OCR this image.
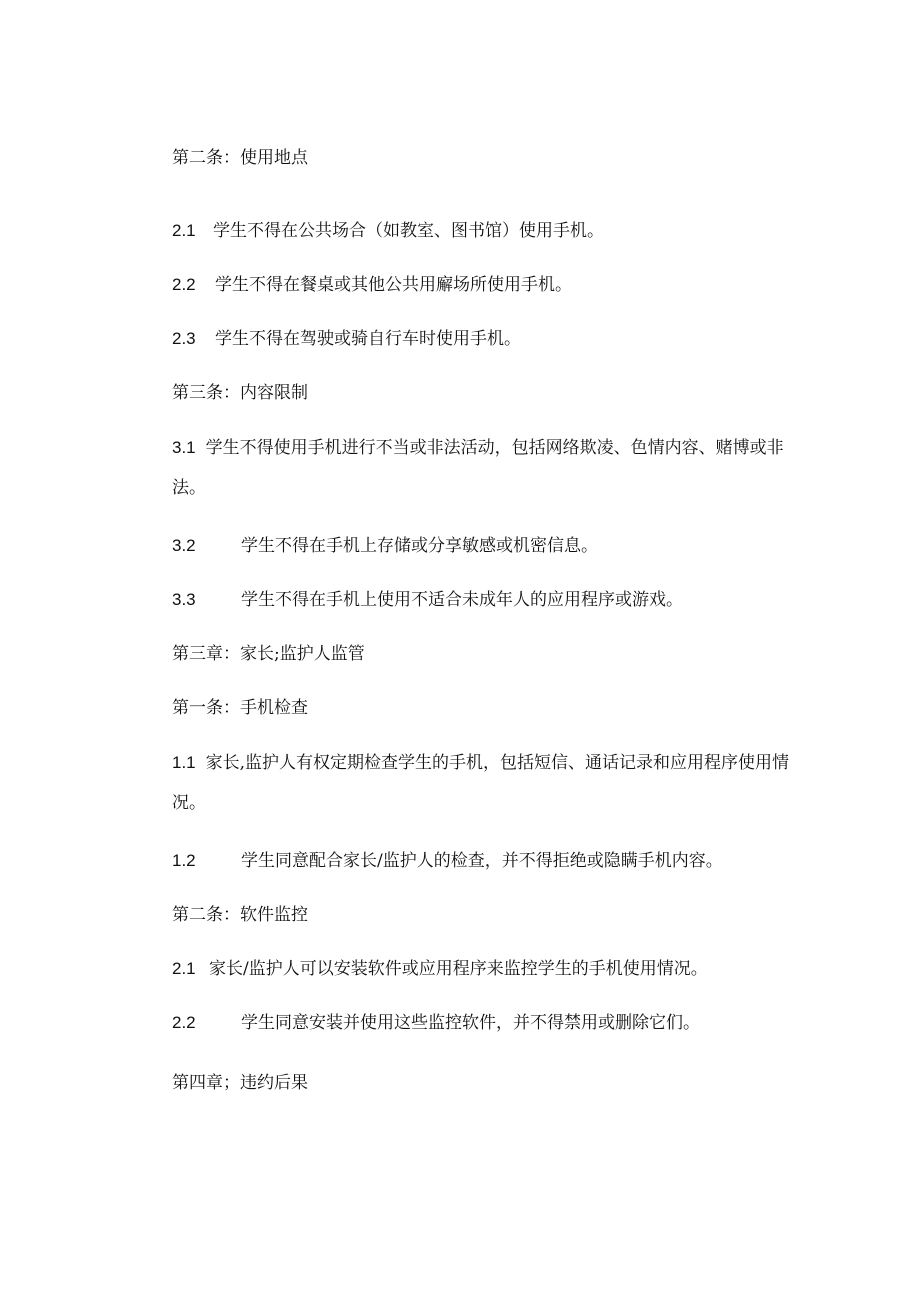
第二条：使用地点
2.1 学生不得在公共场合（如教室、图书馆）使用手机。
2.2 学生不得在餐桌或其他公共用廨场所使用手机。
2.3 学生不得在驾驶或骑自行车时使用手机。
第三条：内容限制
3.1 学生不得使用手机进行不当或非法活动，包括网络欺凌、色情内容、赌博或非法。
3.2	学生不得在手机上存储或分享敏感或机密信息。
3.3	学生不得在手机上使用不适合未成年人的应用程序或游戏。
第三章：家长;监护人监管
第一条：手机检查
1.1 家长,监护人有权定期检查学生的手机，包括短信、通话记录和应用程序使用情况。
1.2	学生同意配合家长/监护人的检查，并不得拒绝或隐瞒手机内容。
第二条：软件监控
2.1 家长/监护人可以安装软件或应用程序来监控学生的手机使用情况。
2.2	学生同意安装并使用这些监控软件，并不得禁用或删除它们。
第四章；违约后果
